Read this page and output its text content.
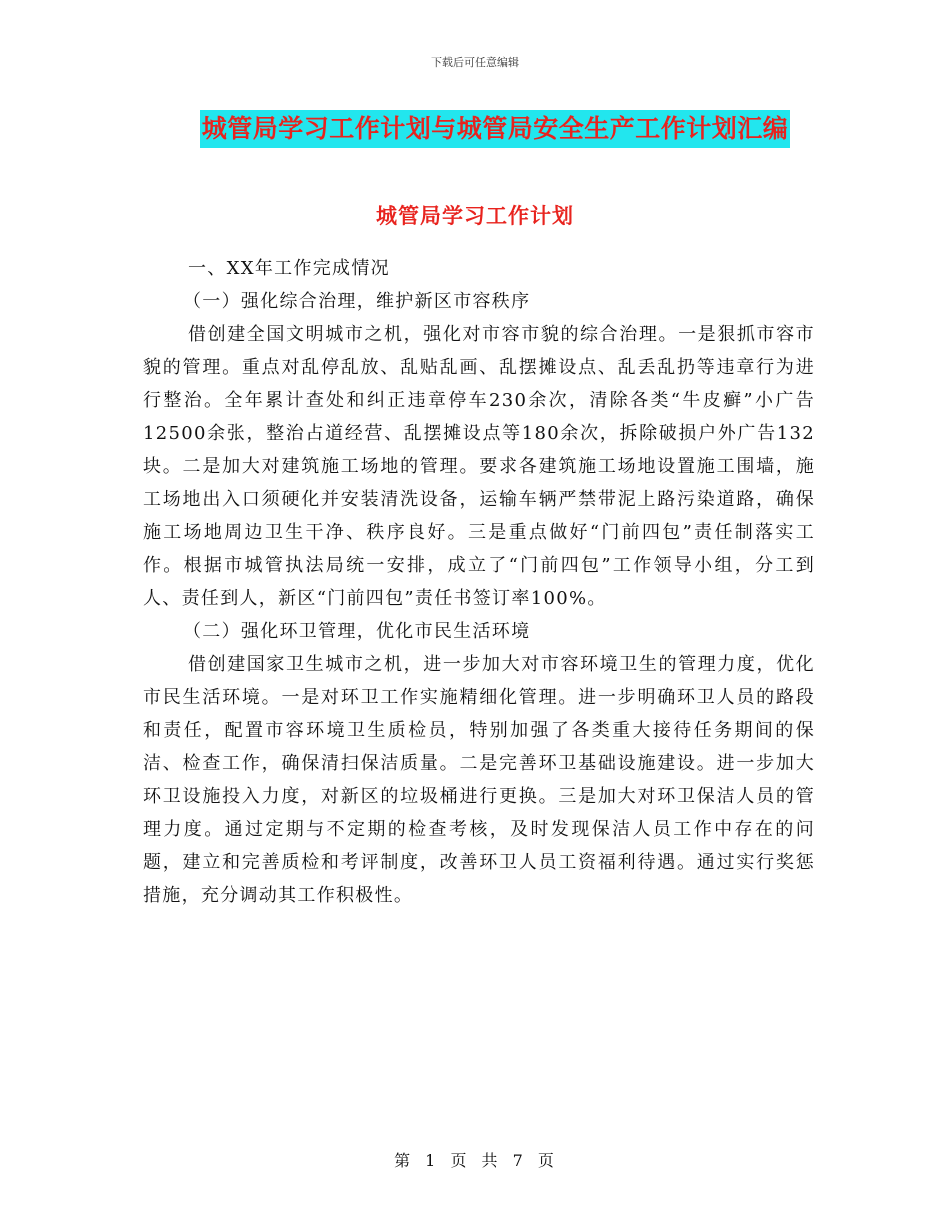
下载后可任意编辑
城管局学习工作计划与城管局安全生产工作计划汇编
城管局学习工作计划

一、XX年工作完成情况

（一）强化综合治理，维护新区市容秩序

借创建全国文明城市之机，强化对市容市貌的综合治理。一是狠抓市容市貌的管理。重点对乱停乱放、乱贴乱画、乱摆摊设点、乱丢乱扔等违章行为进行整治。全年累计查处和纠正违章停车230余次，清除各类“牛皮癣”小广告12500余张，整治占道经营、乱摆摊设点等180余次，拆除破损户外广告132块。二是加大对建筑施工场地的管理。要求各建筑施工场地设置施工围墙，施工场地出入口须硬化并安装清洗设备，运输车辆严禁带泥上路污染道路，确保施工场地周边卫生干净、秩序良好。三是重点做好“门前四包”责任制落实工作。根据市城管执法局统一安排，成立了“门前四包”工作领导小组，分工到人、责任到人，新区“门前四包”责任书签订率100%。

（二）强化环卫管理，优化市民生活环境

借创建国家卫生城市之机，进一步加大对市容环境卫生的管理力度，优化市民生活环境。一是对环卫工作实施精细化管理。进一步明确环卫人员的路段和责任，配置市容环境卫生质检员，特别加强了各类重大接待任务期间的保洁、检查工作，确保清扫保洁质量。二是完善环卫基础设施建设。进一步加大环卫设施投入力度，对新区的垃圾桶进行更换。三是加大对环卫保洁人员的管理力度。通过定期与不定期的检查考核，及时发现保洁人员工作中存在的问题，建立和完善质检和考评制度，改善环卫人员工资福利待遇。通过实行奖惩措施，充分调动其工作积极性。

第 1 页 共 7 页
